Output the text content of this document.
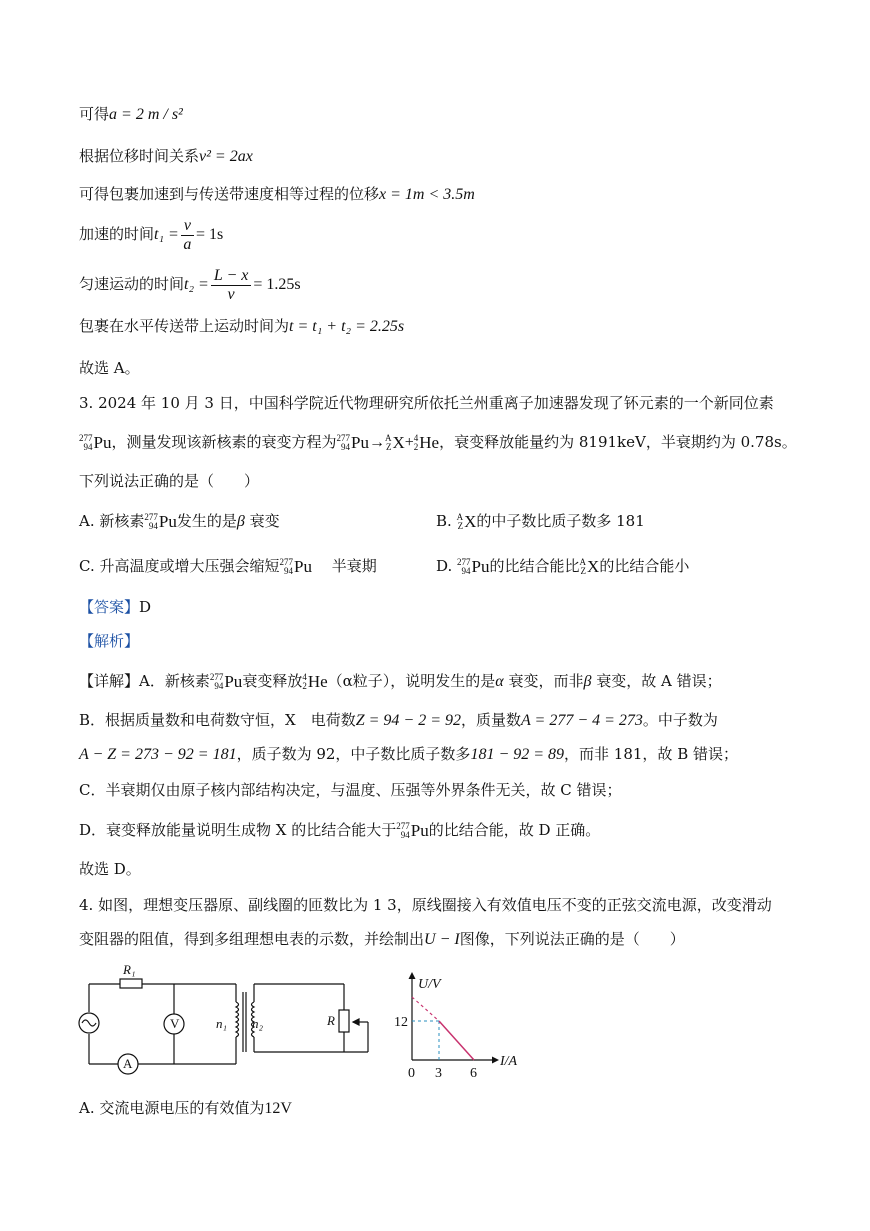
可得a = 2 m / s²
根据位移时间关系v² = 2ax
可得包裹加速到与传送带速度相等过程的位移x = 1m < 3.5m
加速的时间$t_1 = \frac{v}{a} = 1s$
匀速运动的时间$t_2 = \frac{L - x}{v} = 1.25s$
包裹在水平传送带上运动时间为t = t₁ + t₂ = 2.25s
故选 A。
3. 2024 年 10 月 3 日，中国科学院近代物理研究所依托兰州重离子加速器发现了钚元素的一个新同位素
277
94 Pu ，测量发现该新核素的衰变方程为 277
94 Pu → A
Z X + 4
2 He ，衰变释放能量约为 8191keV，半衰期约为 0.78s。
下列说法正确的是（　　）
A. 新核素 277
94 Pu 发生的是β 衰变	B. A
Z X 的中子数比质子数多 181
C. 升高温度或增大压强会缩短 277
94 Pu
　 半衰期	D. 277
94 Pu 的比结合能比 A
Z X 的比结合能小
【答案】D
【解析】
【详解】A．新核素 277
94 Pu 衰变释放 4
2 He （α粒子），说明发生的是α 衰变，而非β 衰变，故 A 错误；
B．根据质量数和电荷数守恒，X　电荷数Z = 94 − 2 = 92，质量数A = 277 − 4 = 273。中子数为
A − Z = 273 − 92 = 181，质子数为 92，中子数比质子数多181 − 92 = 89，而非 181，故 B 错误；
C．半衰期仅由原子核内部结构决定，与温度、压强等外界条件无关，故 C 错误；
D．衰变释放能量说明生成物 X 的比结合能大于 277
94 Pu 的比结合能，故 D 正确。
故选 D。
4. 如图，理想变压器原、副线圈的匝数比为 1 3，原线圈接入有效值电压不变的正弦交流电源，改变滑动
变阻器的阻值，得到多组理想电表的示数，并绘制出U − I图像，下列说法正确的是（　　）
R₁
V
A
n₁ n₂	R
U/V
I/A
0
12
3 6
A. 交流电源电压的有效值为12V
